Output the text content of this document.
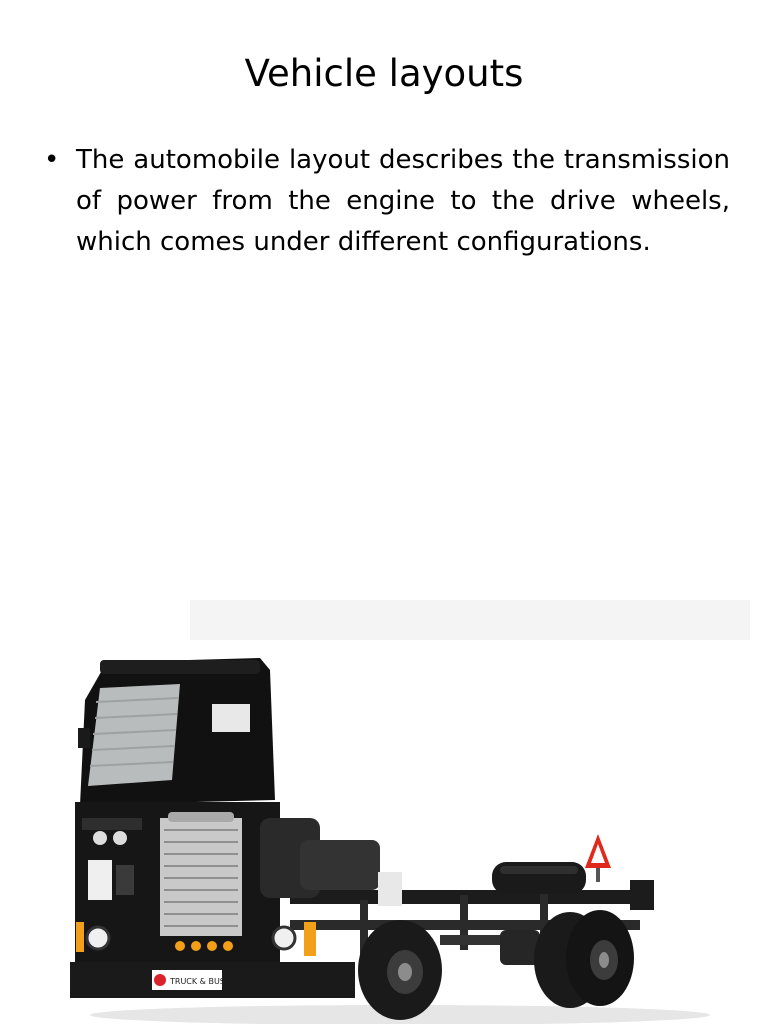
Vehicle layouts
• The automobile layout describes the transmission of power from the engine to the drive wheels, which comes under different configurations.
TRUCK & BUS
